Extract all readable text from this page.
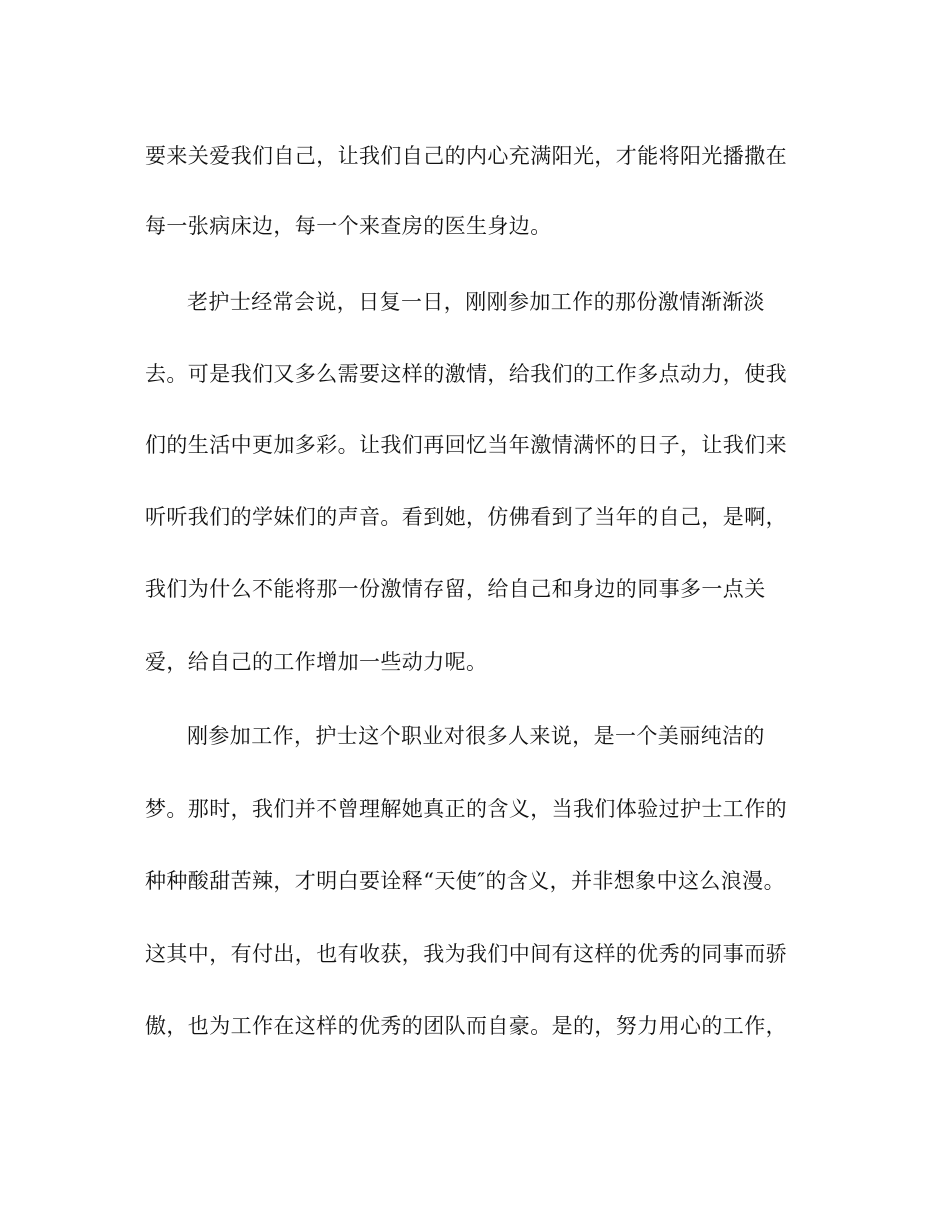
要来关爱我们自己，让我们自己的内心充满阳光，才能将阳光播撒在
每一张病床边，每一个来查房的医生身边。
老护士经常会说，日复一日，刚刚参加工作的那份激情渐渐淡
去。可是我们又多么需要这样的激情，给我们的工作多点动力，使我
们的生活中更加多彩。让我们再回忆当年激情满怀的日子，让我们来
听听我们的学妹们的声音。看到她，仿佛看到了当年的自己，是啊，
我们为什么不能将那一份激情存留，给自己和身边的同事多一点关
爱，给自己的工作增加一些动力呢。
刚参加工作，护士这个职业对很多人来说，是一个美丽纯洁的
梦。那时，我们并不曾理解她真正的含义，当我们体验过护士工作的
种种酸甜苦辣，才明白要诠释“天使″的含义，并非想象中这么浪漫。
这其中，有付出，也有收获，我为我们中间有这样的优秀的同事而骄
傲，也为工作在这样的优秀的团队而自豪。是的，努力用心的工作，
